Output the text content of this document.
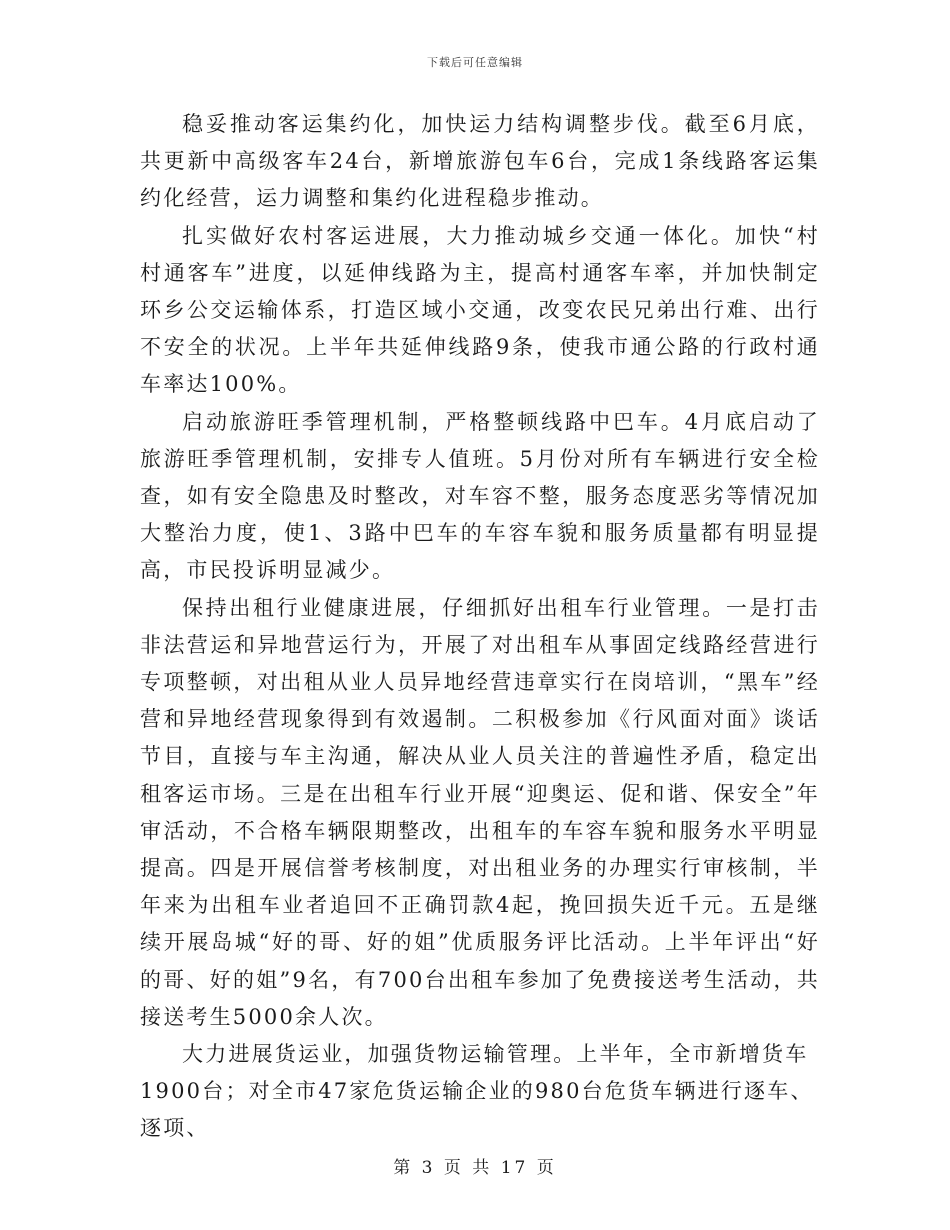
下载后可任意编辑

稳妥推动客运集约化，加快运力结构调整步伐。截至6月底，共更新中高级客车24台，新增旅游包车6台，完成1条线路客运集约化经营，运力调整和集约化进程稳步推动。

扎实做好农村客运进展，大力推动城乡交通一体化。加快“村村通客车”进度，以延伸线路为主，提高村通客车率，并加快制定环乡公交运输体系，打造区域小交通，改变农民兄弟出行难、出行不安全的状况。上半年共延伸线路9条，使我市通公路的行政村通车率达100%。

启动旅游旺季管理机制，严格整顿线路中巴车。4月底启动了旅游旺季管理机制，安排专人值班。5月份对所有车辆进行安全检查，如有安全隐患及时整改，对车容不整，服务态度恶劣等情况加大整治力度，使1、3路中巴车的车容车貌和服务质量都有明显提高，市民投诉明显减少。

保持出租行业健康进展，仔细抓好出租车行业管理。一是打击非法营运和异地营运行为，开展了对出租车从事固定线路经营进行专项整顿，对出租从业人员异地经营违章实行在岗培训，“黑车”经营和异地经营现象得到有效遏制。二积极参加《行风面对面》谈话节目，直接与车主沟通，解决从业人员关注的普遍性矛盾，稳定出租客运市场。三是在出租车行业开展“迎奥运、促和谐、保安全”年审活动，不合格车辆限期整改，出租车的车容车貌和服务水平明显提高。四是开展信誉考核制度，对出租业务的办理实行审核制，半年来为出租车业者追回不正确罚款4起，挽回损失近千元。五是继续开展岛城“好的哥、好的姐”优质服务评比活动。上半年评出“好的哥、好的姐”9名，有700台出租车参加了免费接送考生活动，共接送考生5000余人次。

大力进展货运业，加强货物运输管理。上半年，全市新增货车1900台；对全市47家危货运输企业的980台危货车辆进行逐车、逐项、

第 3 页 共 17 页
